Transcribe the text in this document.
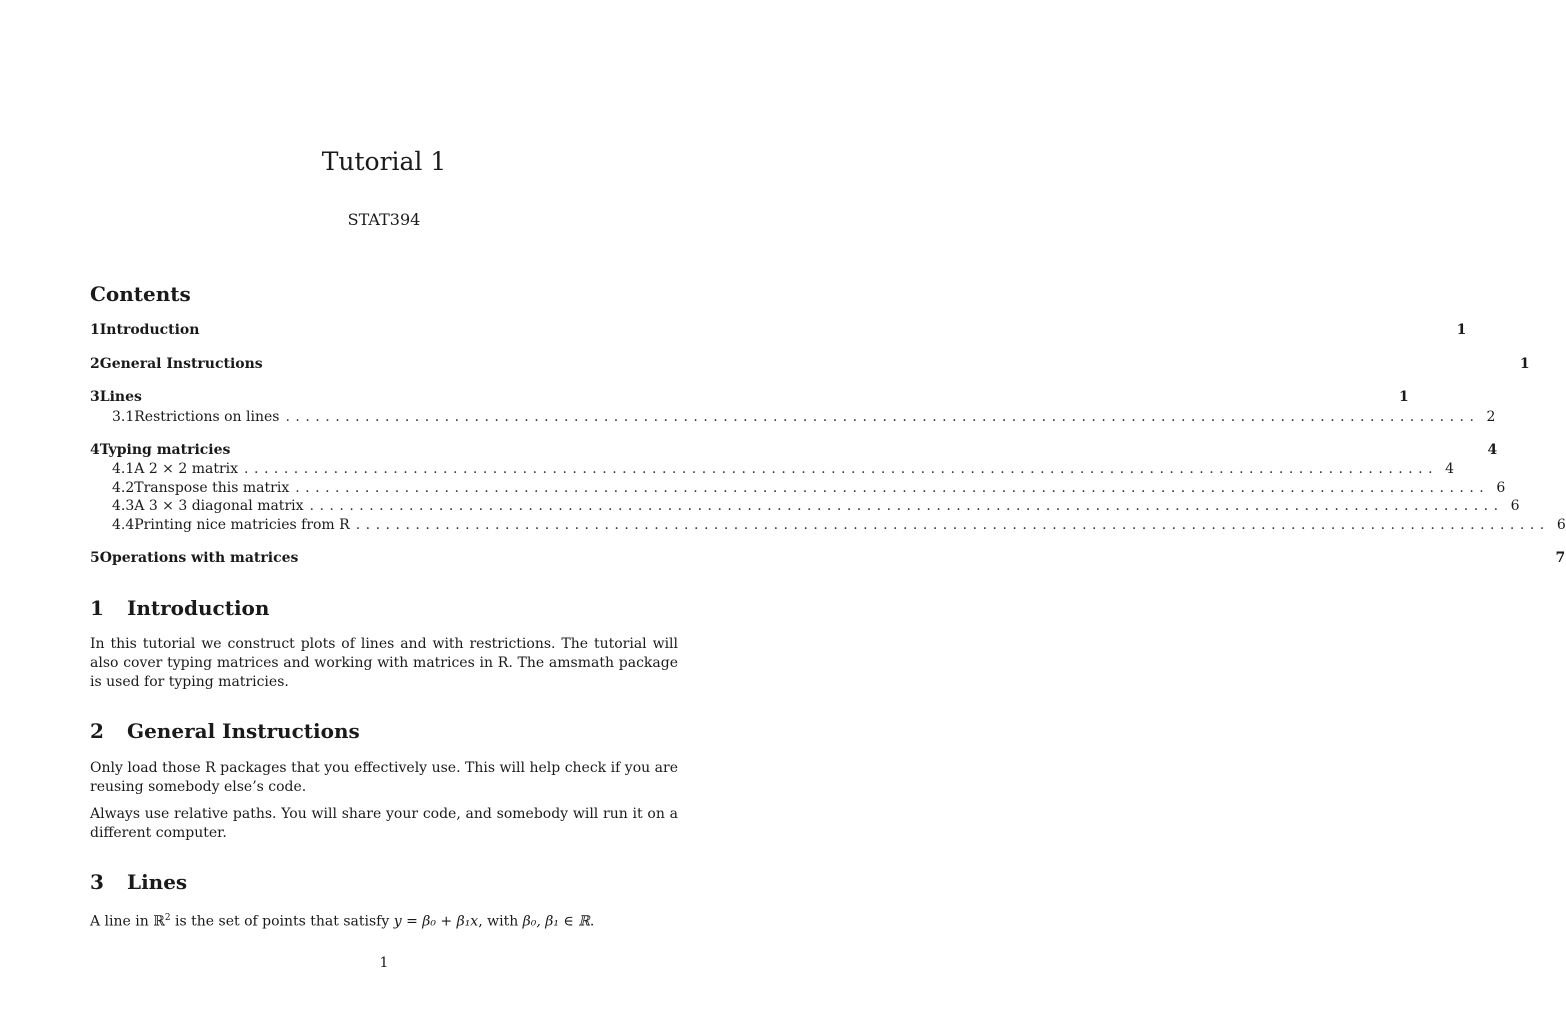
Tutorial 1
STAT394
Contents
1 Introduction	1
2 General Instructions	1
3 Lines	1
3.1 Restrictions on lines ........................................................................................................................ 2
4 Typing matricies	4
4.1 A 2 × 2 matrix ........................................................................................................................ 4
4.2 Transpose this matrix ........................................................................................................................ 6
4.3 A 3 × 3 diagonal matrix ........................................................................................................................ 6
4.4 Printing nice matricies from R ........................................................................................................................ 6
5 Operations with matrices	7
1	Introduction
In this tutorial we construct plots of lines and with restrictions. The tutorial will also cover typing matrices and working with matrices in R. The amsmath package is used for typing matricies.
2	General Instructions
Only load those R packages that you effectively use. This will help check if you are reusing somebody else’s code.
Always use relative paths. You will share your code, and somebody will run it on a different computer.
3	Lines
A line in ℝ$^2$ is the set of points that satisfy y = β₀ + β₁x, with β₀, β₁ ∈ ℝ.
1
